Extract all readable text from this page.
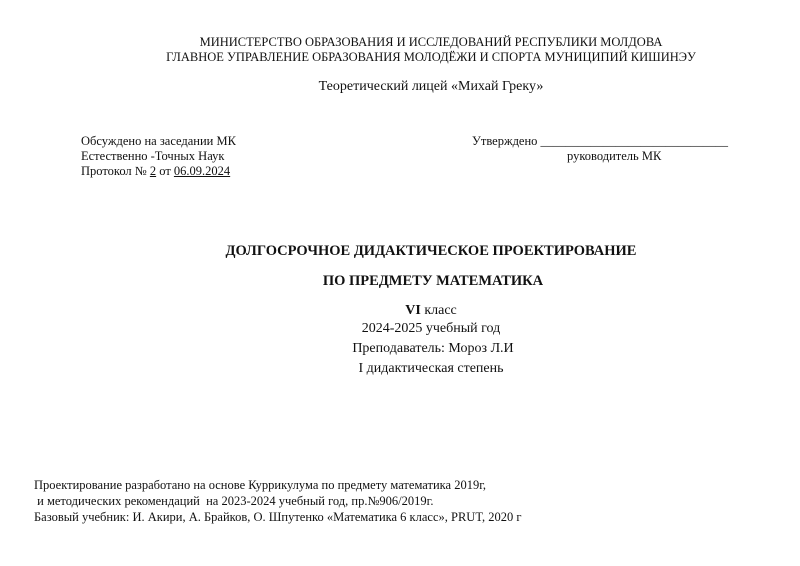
МИНИСТЕРСТВО ОБРАЗОВАНИЯ И ИССЛЕДОВАНИЙ РЕСПУБЛИКИ МОЛДОВА
ГЛАВНОЕ УПРАВЛЕНИЕ ОБРАЗОВАНИЯ МОЛОДЁЖИ И СПОРТА МУНИЦИПИЙ КИШИНЭУ
Теоретический лицей «Михай Греку»
Обсуждено на заседании МК
Естественно -Точных Наук
Протокол № 2 от 06.09.2024
Утверждено ______________________________
руководитель МК
ДОЛГОСРОЧНОЕ ДИДАКТИЧЕСКОЕ ПРОЕКТИРОВАНИЕ
ПО ПРЕДМЕТУ МАТЕМАТИКА
VI класс
2024-2025 учебный год
Преподаватель: Мороз Л.И
I дидактическая степень
Проектирование разработано на основе Куррикулума по предмету математика 2019г,
и методических рекомендаций  на 2023-2024 учебный год, пр.№906/2019г.
Базовый учебник: И. Акири, А. Брайков, О. Шпутенко «Математика 6 класс», PRUT, 2020 г
